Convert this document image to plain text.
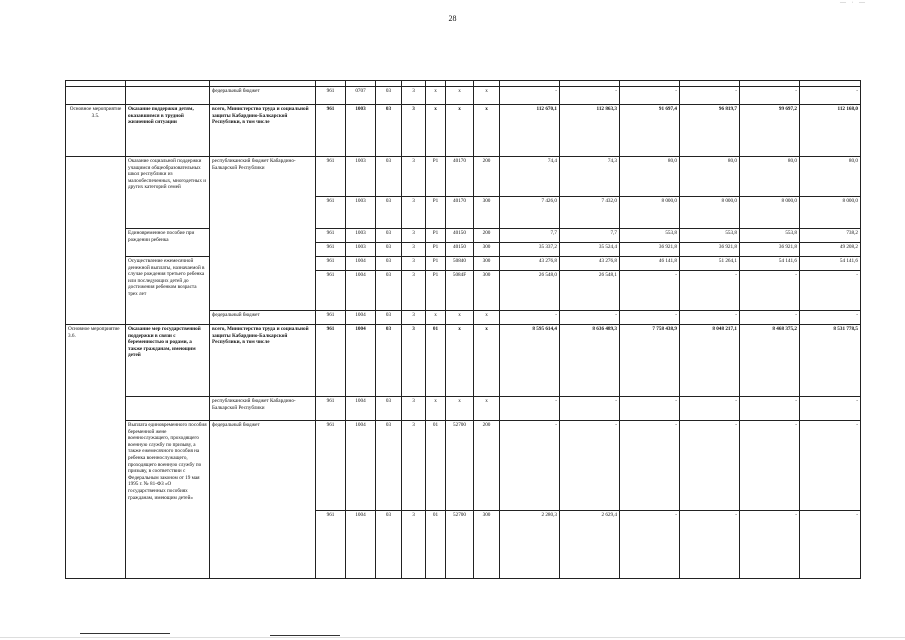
28
— · —

		федеральный бюджет	961	0707	03	3	х	х	х	-	-	-	-	-	-
Основное мероприятие 3.5.	Оказание поддержки детям, оказавшимся в трудной жизненной ситуации	всего, Министерство труда и социальной защиты Кабардино-Балкарской Республики, в том числе	961	1003	03	3	х	х	х	112 670,1	112 863,3	91 697,4	96 819,7	99 697,2	112 168,0
	Оказание социальной поддержки учащимся общеобразовательных школ республики из малообеспеченных, многодетных и других категорий семей	республиканский бюджет Кабардино-Балкарской Республики	961	1003	03	3	Р1	40170	200	74,4	74,3	80,0	80,0	80,0	80,0
			961	1003	03	3	Р1	40170	300	7 426,0	7 432,0	8 000,0	8 000,0	8 000,0	8 000,0
	Единовременное пособие при рождении ребенка		961	1003	03	3	Р1	40150	200	7,7	7,7	553,8	553,8	553,8	738,2
			961	1003	03	3	Р1	40150	300	35 337,2	35 524,4	36 921,8	36 921,8	36 921,8	49 208,2
	Осуществление ежемесячной денежной выплаты, назначаемой в случае рождения третьего ребенка или последующих детей до достижения ребенком возраста трех лет		961	1004	03	3	Р1	50840	300	43 276,8	43 276,8	46 141,8	51 264,1	54 141,6	54 141,6
			961	1004	03	3	Р1	5084F	300	26 548,0	26 548,1	-	-	-	-
		федеральный бюджет	961	1004	03	3	х	х	х	-	-	-	-	-	-
Основное мероприятие 3.6.	Оказание мер государственной поддержки в связи с беременностью и родами, а также гражданам, имеющим детей	всего, Министерство труда и социальной защиты Кабардино-Балкарской Республики, в том числе	961	1004	03	3	01	х	х	8 595 614,4	8 636 489,3	7 758 438,9	8 048 217,1	8 468 375,2	8 531 778,5
		республиканский бюджет Кабардино-Балкарской Республики	961	1004	03	3	х	х	х	-	-	-	-	-	-
	Выплата единовременного пособия беременной жене военнослужащего, проходящего военную службу по призыву, а также ежемесячного пособия на ребенка военнослужащего, проходящего военную службу по призыву, в соответствии с Федеральным законом от 19 мая 1995 г. № 81-ФЗ «О государственных пособиях гражданам, имеющим детей»	федеральный бюджет	961	1004	03	3	01	52700	200	-	-	-	-	-	-
			961	1004	03	3	01	52700	300	2 280,3	2 629,4	-	-	-	-
